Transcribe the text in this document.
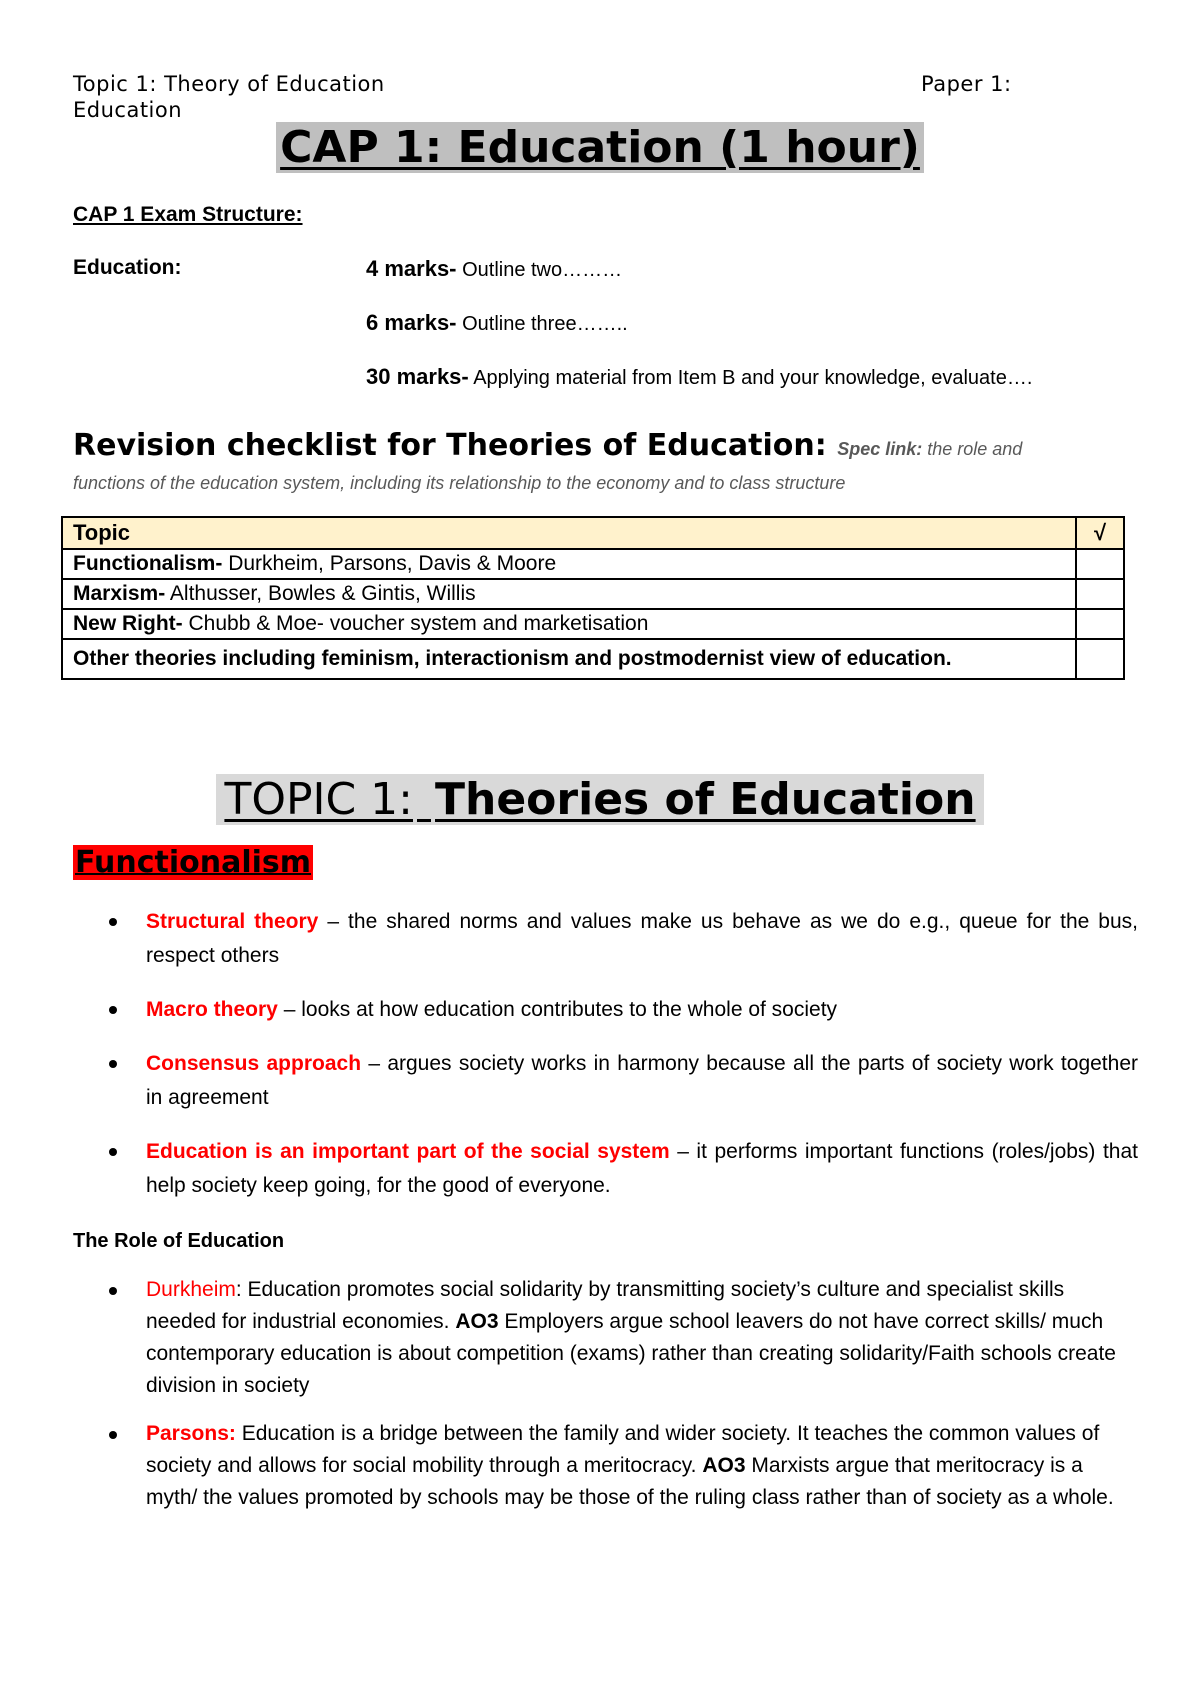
Topic 1: Theory of Education	Paper 1:
Education
CAP 1: Education (1 hour)
CAP 1 Exam Structure:
Education:	4 marks- Outline two………
6 marks- Outline three……..
30 marks- Applying material from Item B and your knowledge, evaluate….
Revision checklist for Theories of Education: Spec link: the role and
functions of the education system, including its relationship to the economy and to class structure
Topic	√
Functionalism- Durkheim, Parsons, Davis & Moore	
Marxism- Althusser, Bowles & Gintis, Willis	
New Right- Chubb & Moe- voucher system and marketisation	
Other theories including feminism, interactionism and postmodernist view of education.	
TOPIC 1: Theories of Education
Functionalism
Structural theory – the shared norms and values make us behave as we do e.g., queue for the bus, respect others
Macro theory – looks at how education contributes to the whole of society
Consensus approach – argues society works in harmony because all the parts of society work together in agreement
Education is an important part of the social system – it performs important functions (roles/jobs) that help society keep going, for the good of everyone.
The Role of Education
Durkheim: Education promotes social solidarity by transmitting society’s culture and specialist skills needed for industrial economies. AO3 Employers argue school leavers do not have correct skills/ much contemporary education is about competition (exams) rather than creating solidarity/Faith schools create division in society
Parsons: Education is a bridge between the family and wider society. It teaches the common values of society and allows for social mobility through a meritocracy. AO3 Marxists argue that meritocracy is a myth/ the values promoted by schools may be those of the ruling class rather than of society as a whole.
